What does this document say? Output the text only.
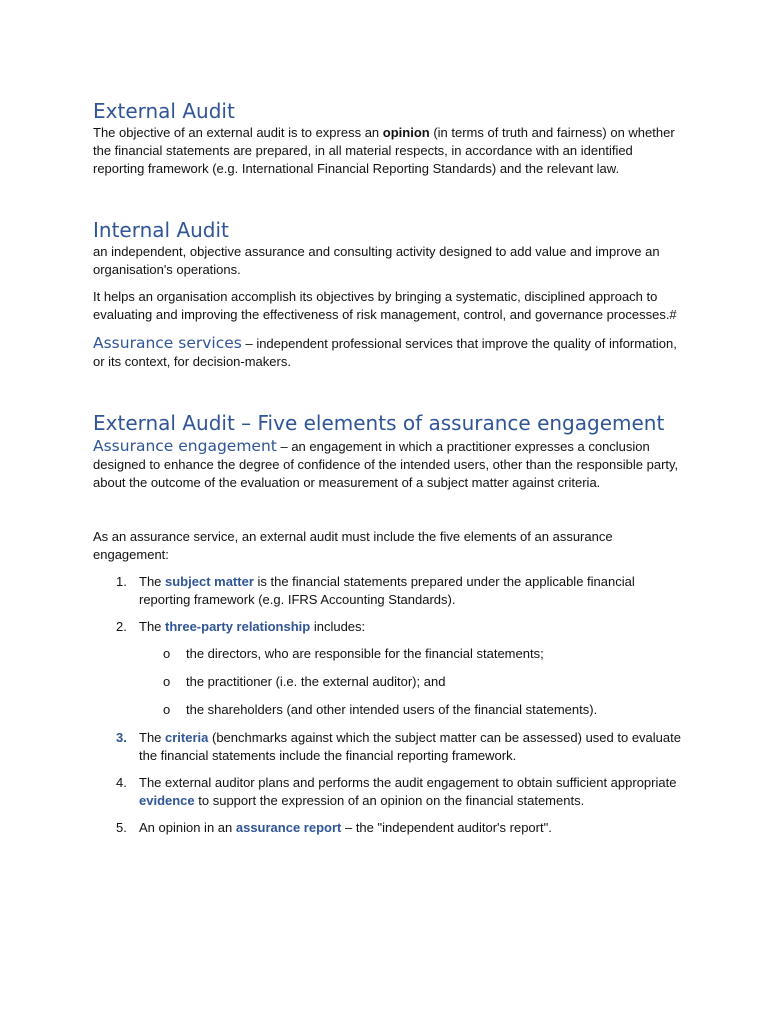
External Audit

The objective of an external audit is to express an opinion (in terms of truth and fairness) on whether the financial statements are prepared, in all material respects, in accordance with an identified reporting framework (e.g. International Financial Reporting Standards) and the relevant law.

Internal Audit

an independent, objective assurance and consulting activity designed to add value and improve an organisation's operations.

It helps an organisation accomplish its objectives by bringing a systematic, disciplined approach to evaluating and improving the effectiveness of risk management, control, and governance processes.#

Assurance services – independent professional services that improve the quality of information, or its context, for decision-makers.

External Audit – Five elements of assurance engagement

Assurance engagement – an engagement in which a practitioner expresses a conclusion designed to enhance the degree of confidence of the intended users, other than the responsible party, about the outcome of the evaluation or measurement of a subject matter against criteria.

As an assurance service, an external audit must include the five elements of an assurance engagement:

1. The subject matter is the financial statements prepared under the applicable financial reporting framework (e.g. IFRS Accounting Standards).
2. The three-party relationship includes:
o the directors, who are responsible for the financial statements;
o the practitioner (i.e. the external auditor); and
o the shareholders (and other intended users of the financial statements).
3. The criteria (benchmarks against which the subject matter can be assessed) used to evaluate the financial statements include the financial reporting framework.
4. The external auditor plans and performs the audit engagement to obtain sufficient appropriate evidence to support the expression of an opinion on the financial statements.
5. An opinion in an assurance report – the "independent auditor's report".
